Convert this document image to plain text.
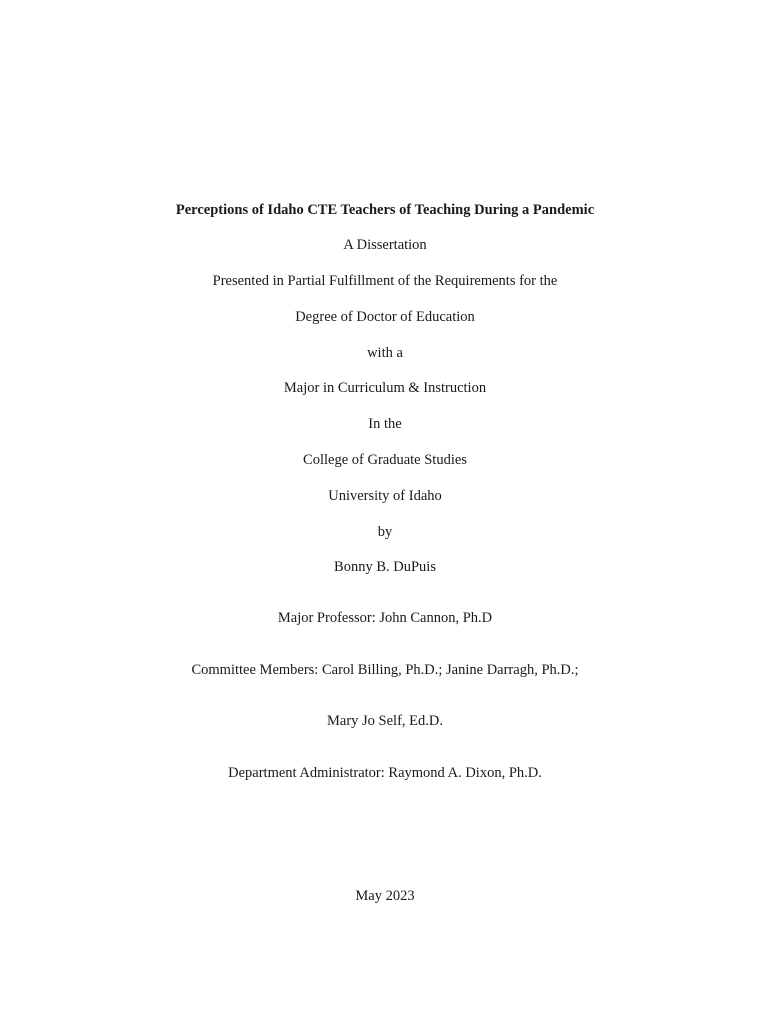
Perceptions of Idaho CTE Teachers of Teaching During a Pandemic
A Dissertation
Presented in Partial Fulfillment of the Requirements for the
Degree of Doctor of Education
with a
Major in Curriculum & Instruction
In the
College of Graduate Studies
University of Idaho
by
Bonny B. DuPuis
Major Professor: John Cannon, Ph.D
Committee Members: Carol Billing, Ph.D.; Janine Darragh, Ph.D.;
Mary Jo Self, Ed.D.
Department Administrator: Raymond A. Dixon, Ph.D.
May 2023
